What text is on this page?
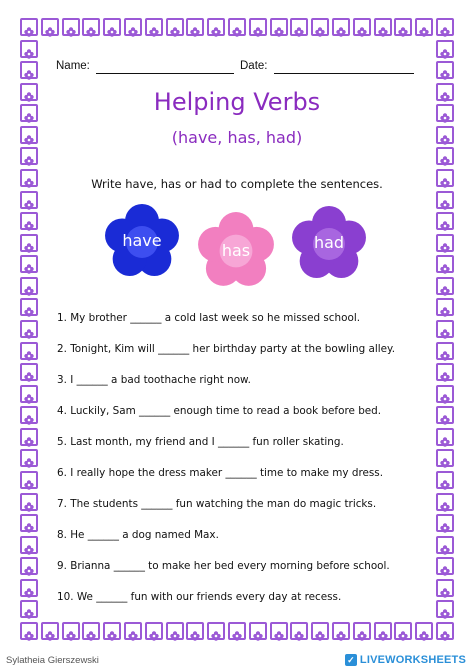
Name:	Date:
Helping Verbs
(have, has, had)
Write have, has or had to complete the sentences.
have
has	had
1. My brother ______ a cold last week so he missed school.
2. Tonight, Kim will ______ her birthday party at the bowling alley.
3. I ______ a bad toothache right now.
4. Luckily, Sam ______ enough time to read a book before bed.
5. Last month, my friend and I ______ fun roller skating.
6. I really hope the dress maker ______ time to make my dress.
7. The students ______ fun watching the man do magic tricks.
8. He ______ a dog named Max.
9. Brianna ______ to make her bed every morning before school.
10. We ______ fun with our friends every day at recess.
Sylatheia Gierszewski	✓ LIVEWORKSHEETS
